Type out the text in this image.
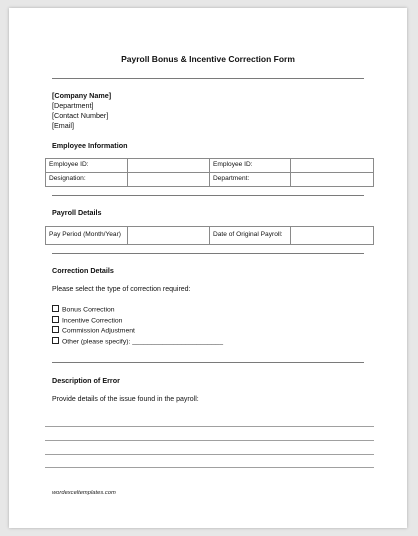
Payroll Bonus & Incentive Correction Form
[Company Name]
[Department]
[Contact Number]
[Email]
Employee Information
Employee ID:		Employee ID:	
Designation:		Department:	
Payroll Details
Pay Period (Month/Year)		Date of Original Payroll:	
Correction Details
Please select the type of correction required:
Bonus Correction
Incentive Correction
Commission Adjustment
Other (please specify): ________________________
Description of Error
Provide details of the issue found in the payroll:
wordexceltemplates.com
